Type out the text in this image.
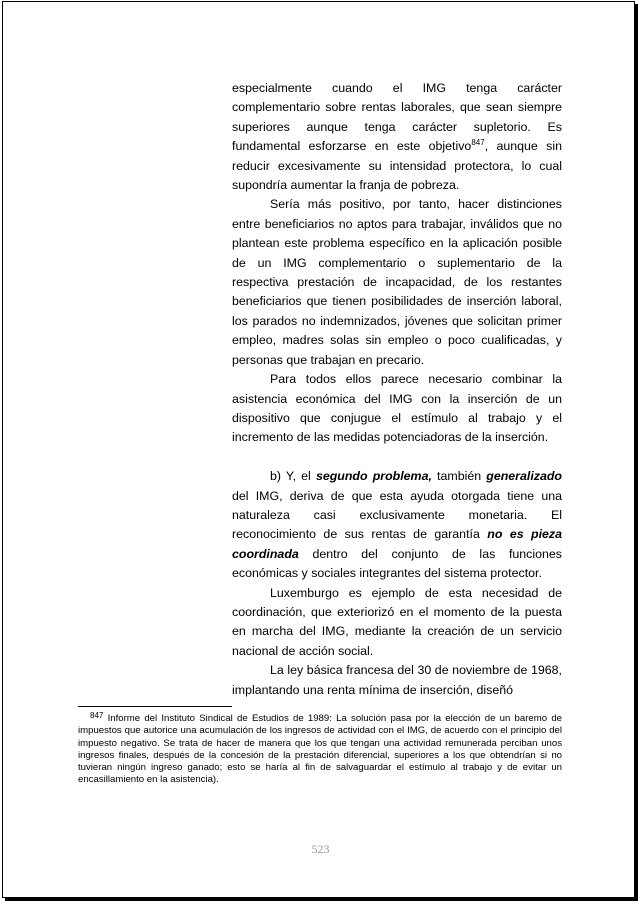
especialmente cuando el IMG tenga carácter complementario sobre rentas laborales, que sean siempre superiores aunque tenga carácter supletorio. Es fundamental esforzarse en este objetivo$^{847}$, aunque sin reducir excesivamente su intensidad protectora, lo cual supondría aumentar la franja de pobreza.

Sería más positivo, por tanto, hacer distinciones entre beneficiarios no aptos para trabajar, inválidos que no plantean este problema específico en la aplicación posible de un IMG complementario o suplementario de la respectiva prestación de incapacidad, de los restantes beneficiarios que tienen posibilidades de inserción laboral, los parados no indemnizados, jóvenes que solicitan primer empleo, madres solas sin empleo o poco cualificadas, y personas que trabajan en precario.

Para todos ellos parece necesario combinar la asistencia económica del IMG con la inserción de un dispositivo que conjugue el estímulo al trabajo y el incremento de las medidas potenciadoras de la inserción.

b) Y, el segundo problema, también generalizado del IMG, deriva de que esta ayuda otorgada tiene una naturaleza casi exclusivamente monetaria. El reconocimiento de sus rentas de garantía no es pieza coordinada dentro del conjunto de las funciones económicas y sociales integrantes del sistema protector.

Luxemburgo es ejemplo de esta necesidad de coordinación, que exteriorizó en el momento de la puesta en marcha del IMG, mediante la creación de un servicio nacional de acción social.

La ley básica francesa del 30 de noviembre de 1968, implantando una renta mínima de inserción, diseñó

$^{847}$ Informe del Instituto Sindical de Estudios de 1989: La solución pasa por la elección de un baremo de impuestos que autorice una acumulación de los ingresos de actividad con el IMG, de acuerdo con el principio del impuesto negativo. Se trata de hacer de manera que los que tengan una actividad remunerada perciban unos ingresos finales, después de la concesión de la prestación diferencial, superiores a los que obtendrían si no tuvieran ningún ingreso ganado; esto se haría al fin de salvaguardar el estímulo al trabajo y de evitar un encasillamiento en la asistencia).

523
